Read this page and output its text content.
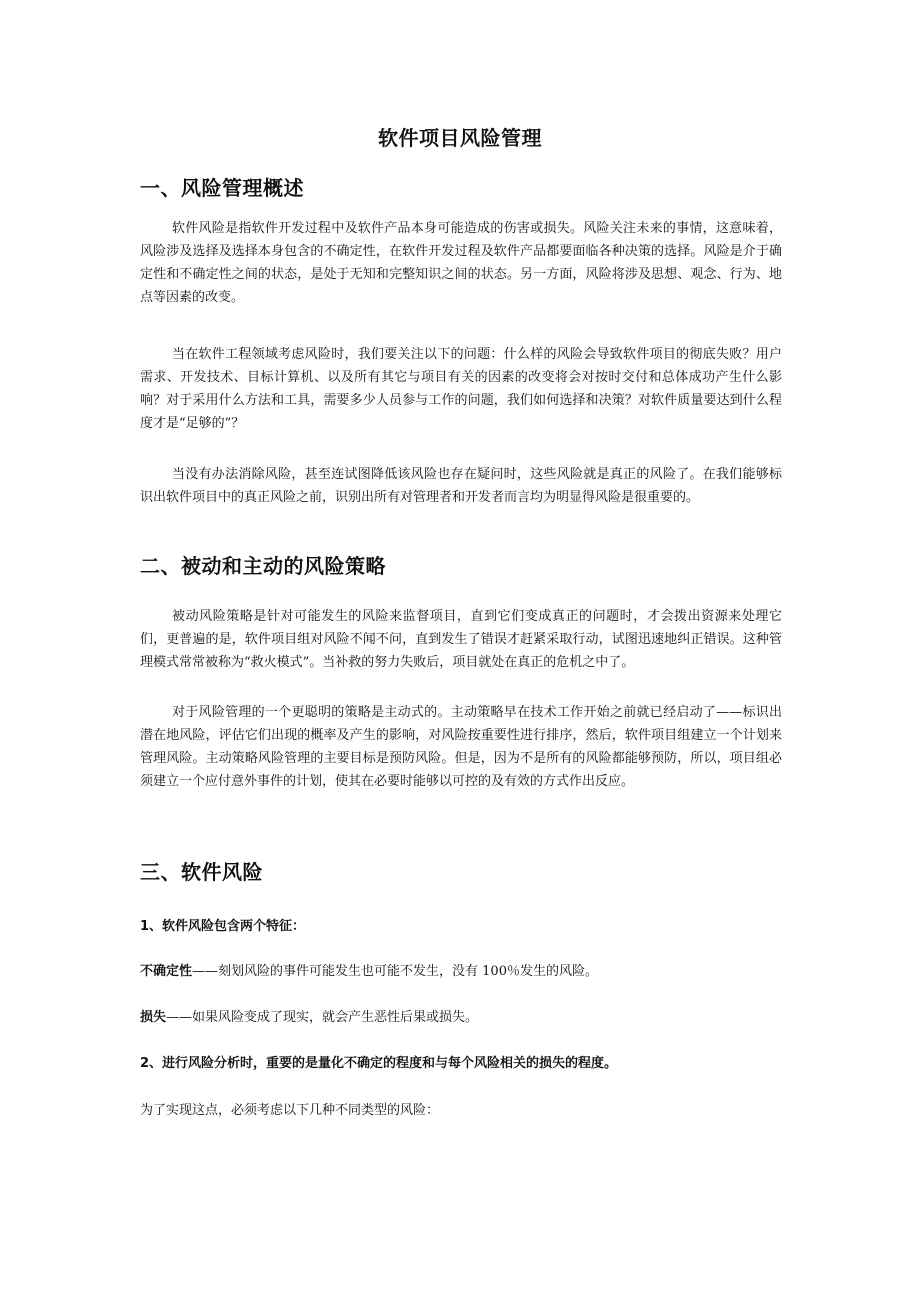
软件项目风险管理
一、风险管理概述

软件风险是指软件开发过程中及软件产品本身可能造成的伤害或损失。风险关注未来的事情，这意味着，风险涉及选择及选择本身包含的不确定性，在软件开发过程及软件产品都要面临各种决策的选择。风险是介于确定性和不确定性之间的状态，是处于无知和完整知识之间的状态。另一方面，风险将涉及思想、观念、行为、地点等因素的改变。

当在软件工程领域考虑风险时，我们要关注以下的问题：什么样的风险会导致软件项目的彻底失败？用户需求、开发技术、目标计算机、以及所有其它与项目有关的因素的改变将会对按时交付和总体成功产生什么影响？对于采用什么方法和工具，需要多少人员参与工作的问题，我们如何选择和决策？对软件质量要达到什么程度才是“足够的”？

当没有办法消除风险，甚至连试图降低该风险也存在疑问时，这些风险就是真正的风险了。在我们能够标识出软件项目中的真正风险之前，识别出所有对管理者和开发者而言均为明显得风险是很重要的。

二、被动和主动的风险策略

被动风险策略是针对可能发生的风险来监督项目，直到它们变成真正的问题时，才会拨出资源来处理它们，更普遍的是，软件项目组对风险不闻不问，直到发生了错误才赶紧采取行动，试图迅速地纠正错误。这种管理模式常常被称为“救火模式”。当补救的努力失败后，项目就处在真正的危机之中了。

对于风险管理的一个更聪明的策略是主动式的。主动策略早在技术工作开始之前就已经启动了——标识出潜在地风险，评估它们出现的概率及产生的影响，对风险按重要性进行排序，然后，软件项目组建立一个计划来管理风险。主动策略风险管理的主要目标是预防风险。但是，因为不是所有的风险都能够预防，所以，项目组必须建立一个应付意外事件的计划，使其在必要时能够以可控的及有效的方式作出反应。

三、软件风险
1、软件风险包含两个特征：
不确定性——刻划风险的事件可能发生也可能不发生，没有 100％发生的风险。
损失——如果风险变成了现实，就会产生恶性后果或损失。
2、进行风险分析时，重要的是量化不确定的程度和与每个风险相关的损失的程度。
为了实现这点，必须考虑以下几种不同类型的风险：
